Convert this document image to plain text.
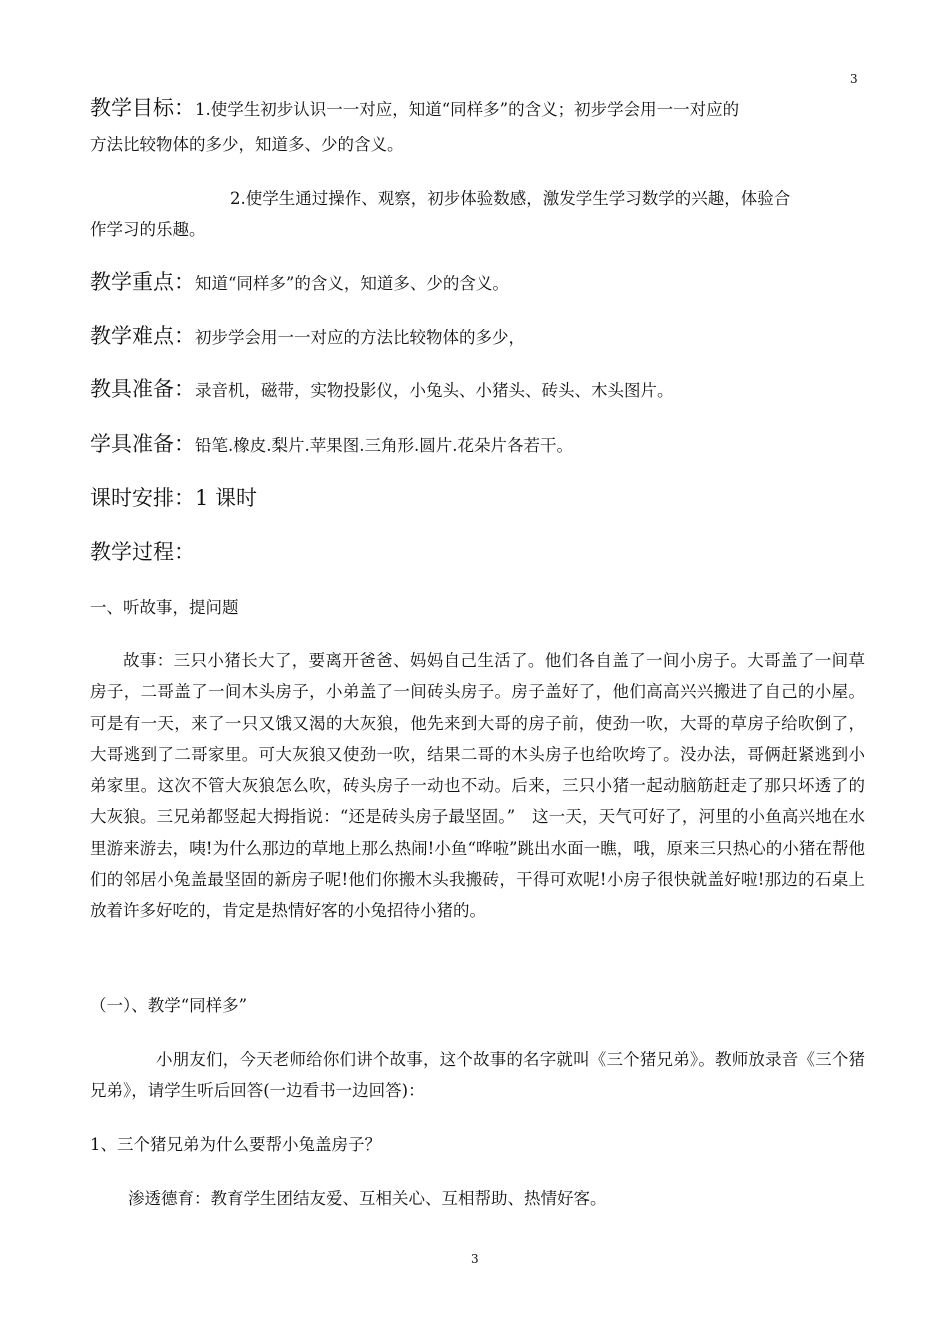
3
教学目标：1.使学生初步认识一一对应，知道“同样多”的含义；初步学会用一一对应的
方法比较物体的多少，知道多、少的含义。
2.使学生通过操作、观察，初步体验数感，激发学生学习数学的兴趣，体验合
作学习的乐趣。
教学重点：知道“同样多”的含义，知道多、少的含义。
教学难点：初步学会用一一对应的方法比较物体的多少，
教具准备：录音机，磁带，实物投影仪，小兔头、小猪头、砖头、木头图片。
学具准备：铅笔.橡皮.梨片.苹果图.三角形.圆片.花朵片各若干。
课时安排：1 课时
教学过程：
一、听故事，提问题

故事：三只小猪长大了，要离开爸爸、妈妈自己生活了。他们各自盖了一间小房子。大哥盖了一间草房子，二哥盖了一间木头房子，小弟盖了一间砖头房子。房子盖好了，他们高高兴兴搬进了自己的小屋。可是有一天，来了一只又饿又渴的大灰狼，他先来到大哥的房子前，使劲一吹，大哥的草房子给吹倒了，大哥逃到了二哥家里。可大灰狼又使劲一吹，结果二哥的木头房子也给吹垮了。没办法，哥俩赶紧逃到小弟家里。这次不管大灰狼怎么吹，砖头房子一动也不动。后来，三只小猪一起动脑筋赶走了那只坏透了的大灰狼。三兄弟都竖起大拇指说：“还是砖头房子最坚固。”　这一天，天气可好了，河里的小鱼高兴地在水里游来游去，咦!为什么那边的草地上那么热闹!小鱼“哗啦”跳出水面一瞧，哦，原来三只热心的小猪在帮他们的邻居小兔盖最坚固的新房子呢!他们你搬木头我搬砖，干得可欢呢!小房子很快就盖好啦!那边的石桌上放着许多好吃的，肯定是热情好客的小兔招待小猪的。

（一）、教学“同样多”

小朋友们，今天老师给你们讲个故事，这个故事的名字就叫《三个猪兄弟》。教师放录音《三个猪兄弟》，请学生听后回答(一边看书一边回答)：

1、三个猪兄弟为什么要帮小兔盖房子？
渗透德育：教育学生团结友爱、互相关心、互相帮助、热情好客。
3
